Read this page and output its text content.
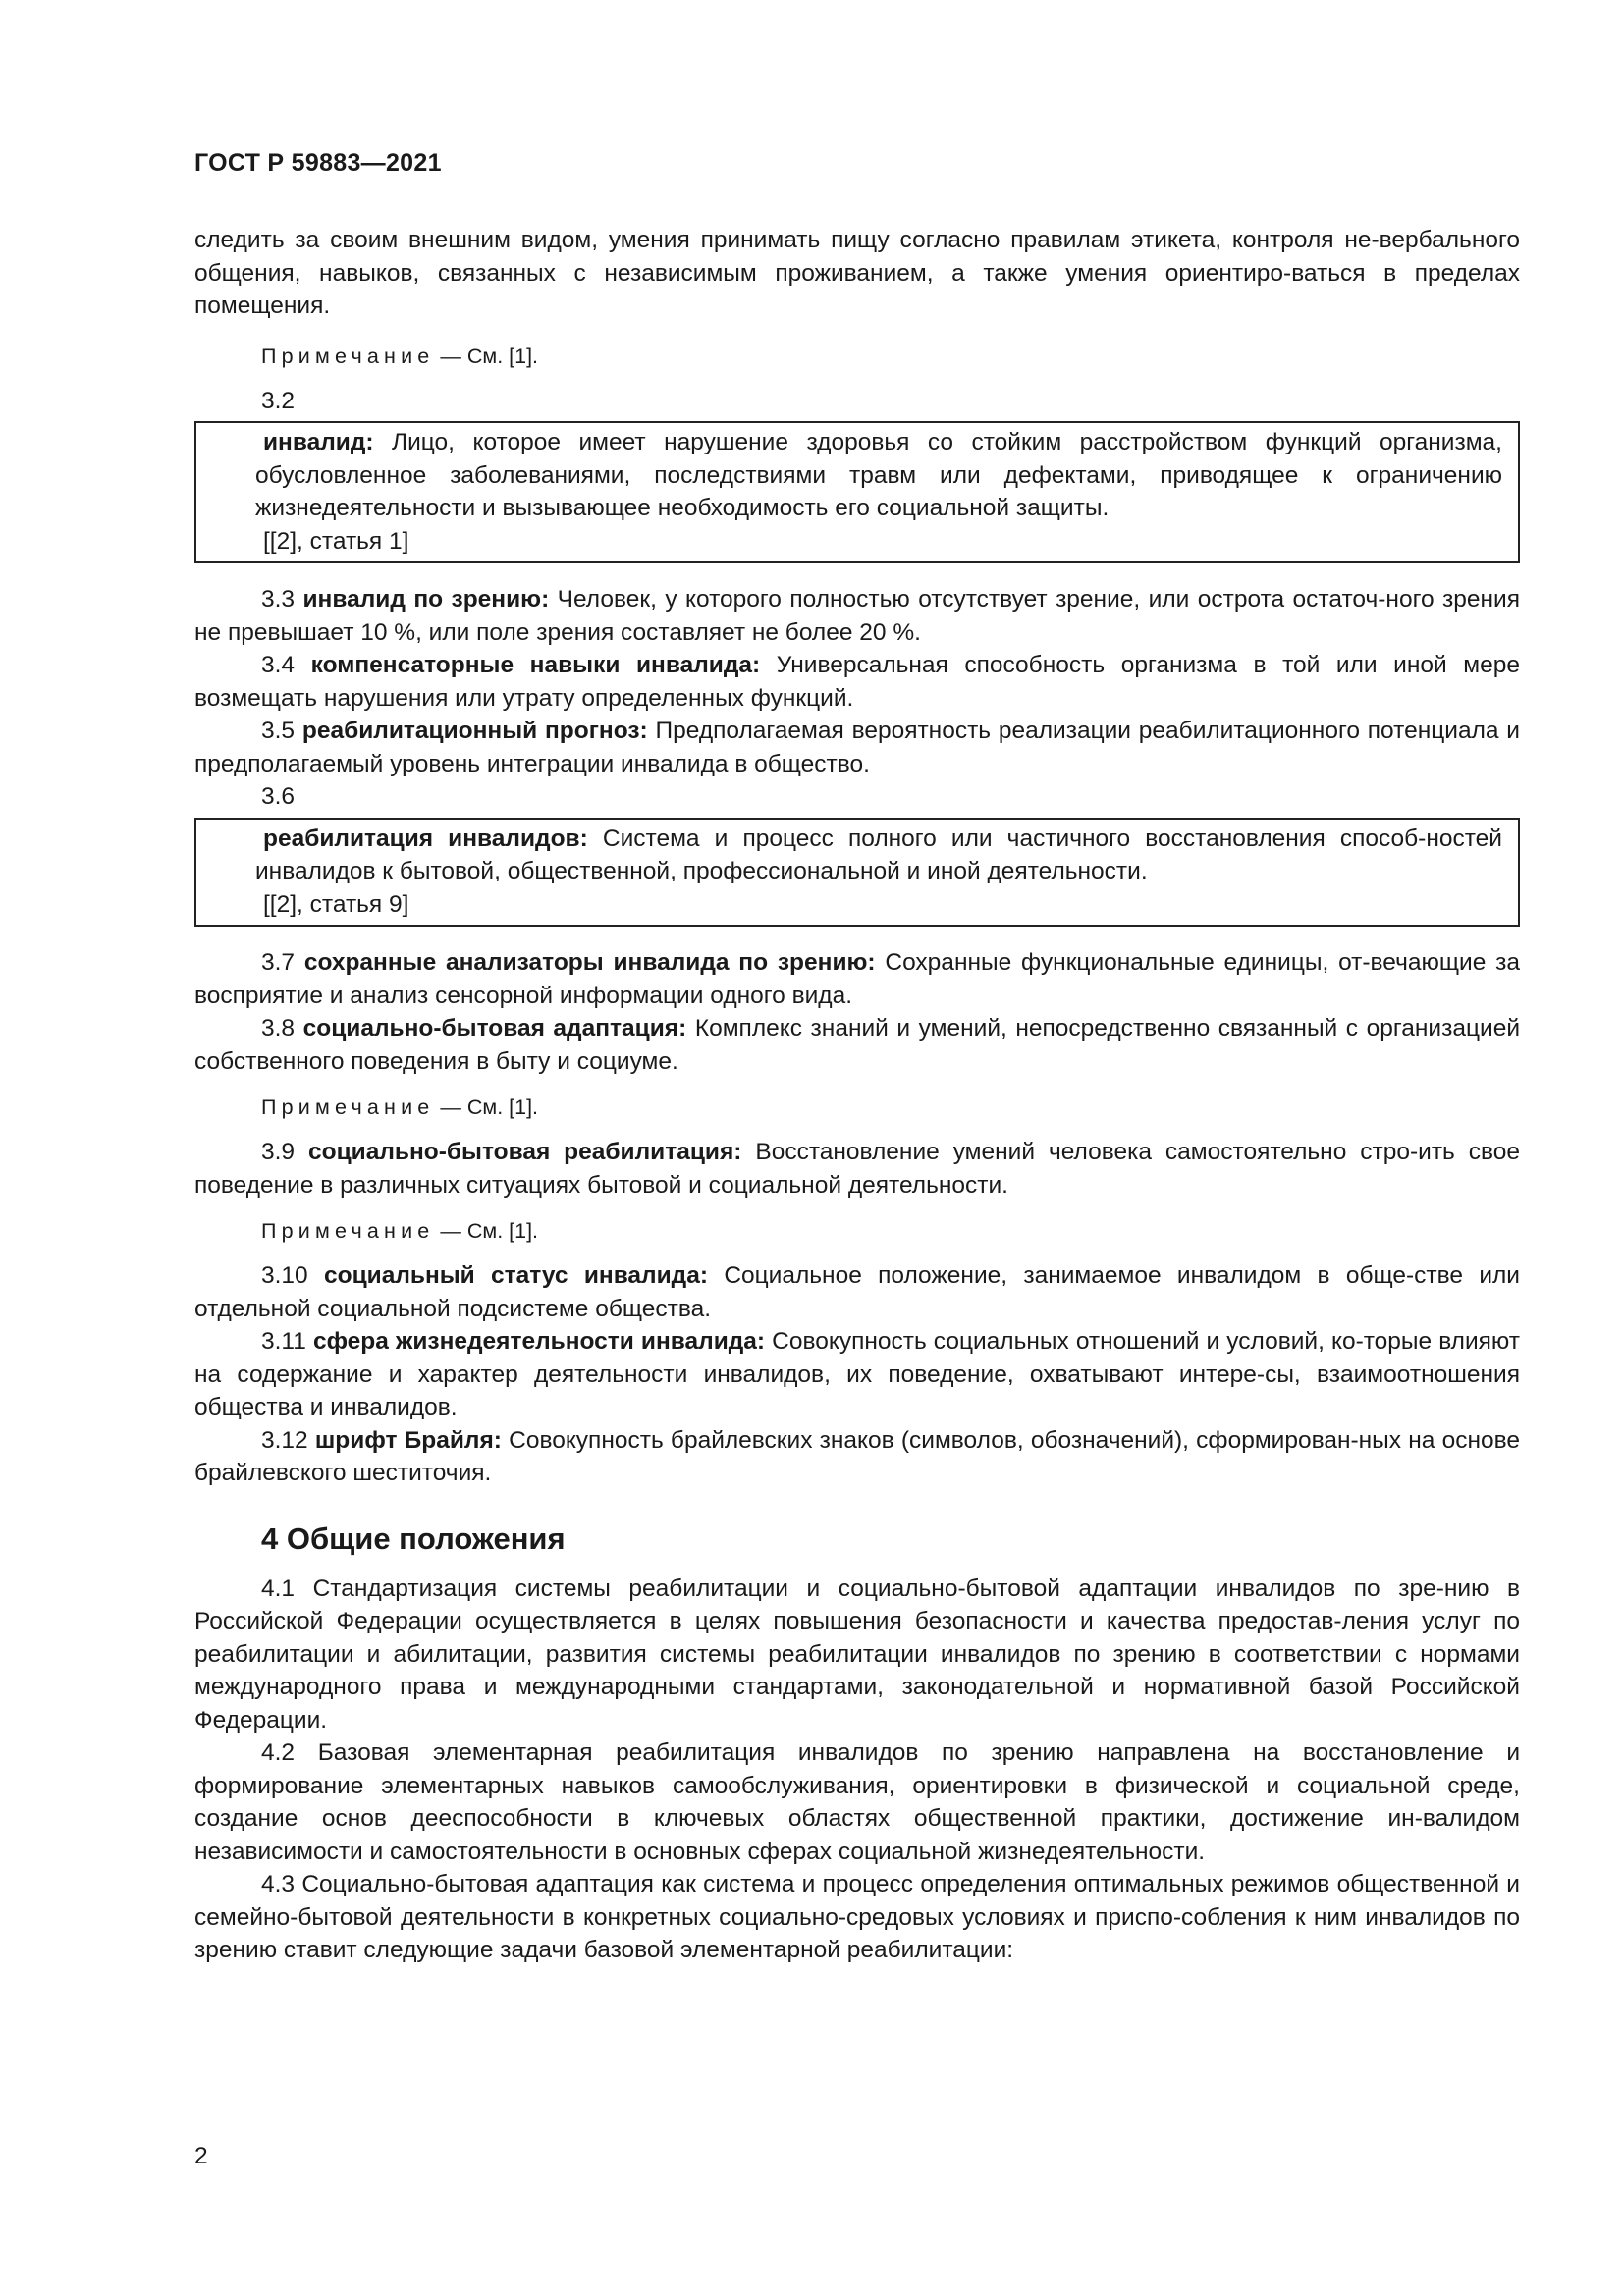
ГОСТ Р 59883—2021

следить за своим внешним видом, умения принимать пищу согласно правилам этикета, контроля не-вербального общения, навыков, связанных с независимым проживанием, а также умения ориентиро-ваться в пределах помещения.

Примечание — См. [1].

3.2

инвалид: Лицо, которое имеет нарушение здоровья со стойким расстройством функций организма, обусловленное заболеваниями, последствиями травм или дефектами, приводящее к ограничению жизнедеятельности и вызывающее необходимость его социальной защиты.

[[2], статья 1]

3.3 инвалид по зрению: Человек, у которого полностью отсутствует зрение, или острота остаточ-ного зрения не превышает 10 %, или поле зрения составляет не более 20 %.

3.4 компенсаторные навыки инвалида: Универсальная способность организма в той или иной мере возмещать нарушения или утрату определенных функций.

3.5 реабилитационный прогноз: Предполагаемая вероятность реализации реабилитационного потенциала и предполагаемый уровень интеграции инвалида в общество.

3.6

реабилитация инвалидов: Система и процесс полного или частичного восстановления способ-ностей инвалидов к бытовой, общественной, профессиональной и иной деятельности.

[[2], статья 9]

3.7 сохранные анализаторы инвалида по зрению: Сохранные функциональные единицы, от-вечающие за восприятие и анализ сенсорной информации одного вида.

3.8 социально-бытовая адаптация: Комплекс знаний и умений, непосредственно связанный с организацией собственного поведения в быту и социуме.

Примечание — См. [1].

3.9 социально-бытовая реабилитация: Восстановление умений человека самостоятельно стро-ить свое поведение в различных ситуациях бытовой и социальной деятельности.

Примечание — См. [1].

3.10 социальный статус инвалида: Социальное положение, занимаемое инвалидом в обще-стве или отдельной социальной подсистеме общества.

3.11 сфера жизнедеятельности инвалида: Совокупность социальных отношений и условий, ко-торые влияют на содержание и характер деятельности инвалидов, их поведение, охватывают интере-сы, взаимоотношения общества и инвалидов.

3.12 шрифт Брайля: Совокупность брайлевских знаков (символов, обозначений), сформирован-ных на основе брайлевского шеститочия.

4 Общие положения

4.1 Стандартизация системы реабилитации и социально-бытовой адаптации инвалидов по зре-нию в Российской Федерации осуществляется в целях повышения безопасности и качества предостав-ления услуг по реабилитации и абилитации, развития системы реабилитации инвалидов по зрению в соответствии с нормами международного права и международными стандартами, законодательной и нормативной базой Российской Федерации.

4.2 Базовая элементарная реабилитация инвалидов по зрению направлена на восстановление и формирование элементарных навыков самообслуживания, ориентировки в физической и социальной среде, создание основ дееспособности в ключевых областях общественной практики, достижение ин-валидом независимости и самостоятельности в основных сферах социальной жизнедеятельности.

4.3 Социально-бытовая адаптация как система и процесс определения оптимальных режимов общественной и семейно-бытовой деятельности в конкретных социально-средовых условиях и приспо-собления к ним инвалидов по зрению ставит следующие задачи базовой элементарной реабилитации:

2
